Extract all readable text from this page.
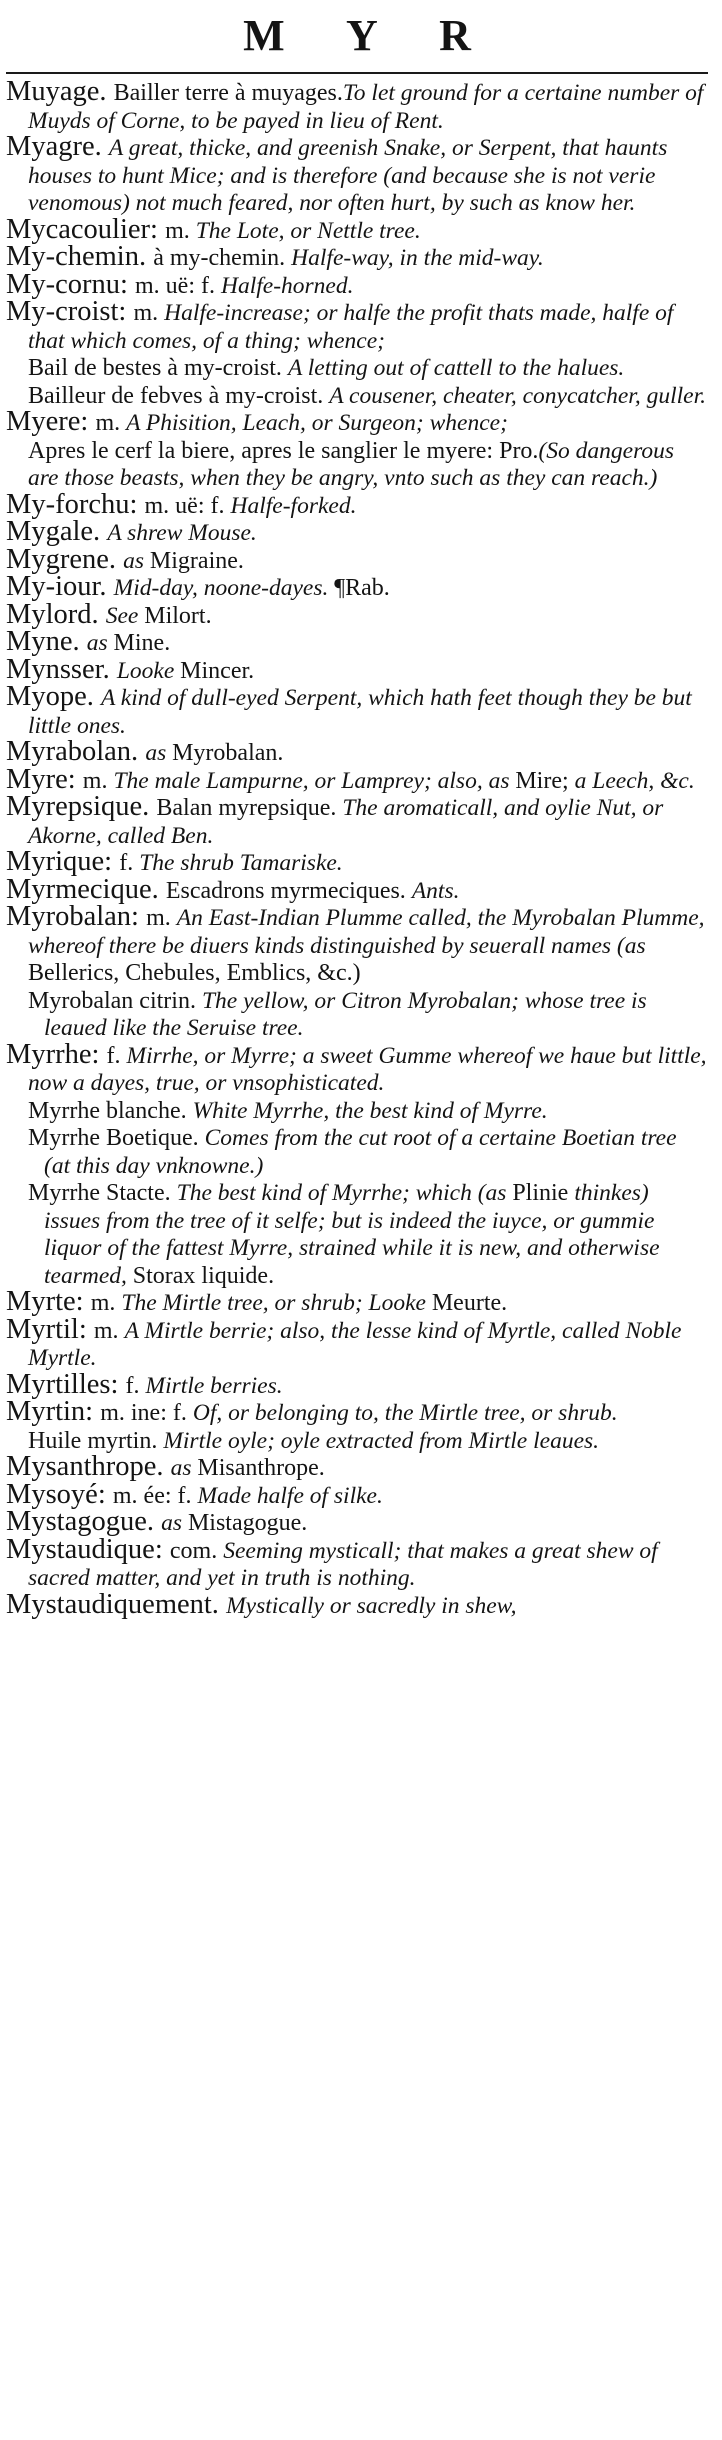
M Y R

Muyage. Bailler terre à muyages.To let ground for a certaine number of Muyds of Corne, to be payed in lieu of Rent.

Myagre. A great, thicke, and greenish Snake, or Serpent, that haunts houses to hunt Mice; and is therefore (and because she is not verie venomous) not much feared, nor often hurt, by such as know her.

Mycacoulier: m. The Lote, or Nettle tree.

My-chemin. à my-chemin. Halfe-way, in the mid-way.

My-cornu: m. uë: f. Halfe-horned.

My-croist: m. Halfe-increase; or halfe the profit thats made, halfe of that which comes, of a thing; whence;

Bail de bestes à my-croist. A letting out of cattell to the halues.

Bailleur de febves à my-croist. A cousener, cheater, conycatcher, guller.

Myere: m. A Phisition, Leach, or Surgeon; whence;

Apres le cerf la biere, apres le sanglier le myere: Pro.(So dangerous are those beasts, when they be angry, vnto such as they can reach.)

My-forchu: m. uë: f. Halfe-forked.

Mygale. A shrew Mouse.

Mygrene. as Migraine.

My-iour. Mid-day, noone-dayes. ¶Rab.

Mylord. See Milort.

Myne. as Mine.

Mynsser. Looke Mincer.

Myope. A kind of dull-eyed Serpent, which hath feet though they be but little ones.

Myrabolan. as Myrobalan.

Myre: m. The male Lampurne, or Lamprey; also, as Mire; a Leech, &c.

Myrepsique. Balan myrepsique. The aromaticall, and oylie Nut, or Akorne, called Ben.

Myrique: f. The shrub Tamariske.

Myrmecique. Escadrons myrmeciques. Ants.

Myrobalan: m. An East-Indian Plumme called, the Myrobalan Plumme, whereof there be diuers kinds distinguished by seuerall names (as Bellerics, Chebules, Emblics, &c.)

Myrobalan citrin. The yellow, or Citron Myrobalan; whose tree is leaued like the Seruise tree.

Myrrhe: f. Mirrhe, or Myrre; a sweet Gumme whereof we haue but little, now a dayes, true, or vnsophisticated.

Myrrhe blanche. White Myrrhe, the best kind of Myrre.

Myrrhe Boetique. Comes from the cut root of a certaine Boetian tree (at this day vnknowne.)

Myrrhe Stacte. The best kind of Myrrhe; which (as Plinie thinkes) issues from the tree of it selfe; but is indeed the iuyce, or gummie liquor of the fattest Myrre, strained while it is new, and otherwise tearmed, Storax liquide.

Myrte: m. The Mirtle tree, or shrub; Looke Meurte.

Myrtil: m. A Mirtle berrie; also, the lesse kind of Myrtle, called Noble Myrtle.

Myrtilles: f. Mirtle berries.

Myrtin: m. ine: f. Of, or belonging to, the Mirtle tree, or shrub.

Huile myrtin. Mirtle oyle; oyle extracted from Mirtle leaues.

Mysanthrope. as Misanthrope.

Mysoyé: m. ée: f. Made halfe of silke.

Mystagogue. as Mistagogue.

Mystaudique: com. Seeming mysticall; that makes a great shew of sacred matter, and yet in truth is nothing.

Mystaudiquement. Mystically or sacredly in shew,
